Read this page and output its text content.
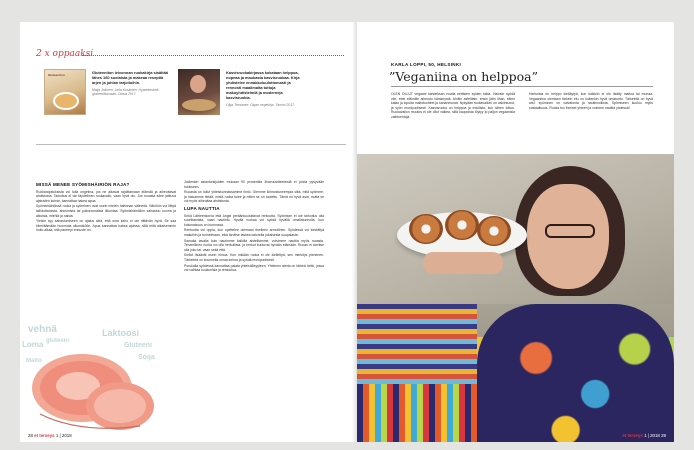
2 x oppaaksi
Gluteeniton	Gluteeniton leivonnan ruokakirja sisältää lähes 160 suolaista ja makeaa reseptiä arjen ja juhlan tarjoiluihin.
Maija Jokinen, Leila Koskinen: Hyperkeskeä gluteenittomaan. Otava 2017.
Kasvisruokakirjassa kokataan helppoa, nopeaa ja maukasta kasvisruokaa. Kirja yhdistelee ennakkoluulottomasti ja rennosti maailmalta tuttuja makuyhdistelmiä ja moderneja kasvisruokia.
Olga Temonen: Olgan vegekirja. Tammi 2017.
MISSÄ MENEE SYÖMISHÄIRIÖN RAJA?

Ruokarajoituksista voi tulla ongelma, jos ne alkavat rajoittamaan elämää ja aiheuttavat ahdistusta. Tarkoitus ei ole täydellinen ruokavalio, vaan hyvä olo. Jos ruoasta tulee jatkuva ajatusten kohde, kannattaa hakea apua.

Syömishäiriöissä ruoka ja syöminen ovat usein mielen hallinnan välineitä. Häiriöön voi liittyä laihduttamista, ahmimista tai pakonomaista liikuntaa. Syömishäiriöihin sairastuu nuoria ja aikuisia, miehiä ja naisia.

Yleisin syy sairastumiseen on ajatus siitä, että oma keho ei ole riittävän hyvä. Se saa kiinnittämään huomiota ulkonäköön. Apua kannattaa hakea ajoissa, sillä mitä aikaisemmin hoito alkaa, sitä parempi ennuste on.

Joidenkin asiantuntijoiden mukaan 90 prosenttia lihavuusdieeteistä ei johda pysyvään tulokseen.

Ruoasta on tullut yhteiskunnassamme ilmiö. Olemme kiinnostuneempia siitä, mitä syömme, ja haluamme tietää, mistä ruoka tulee ja miten se on tuotettu. Tämä on hyvä asia, mutta se voi myös aiheuttaa ahdistusta.

LUPA NAUTTIA

Sekä Lähteenkorva että Angle peräänkuuluttavat rentoutta. Syömisen ei ole tarkoitus olla suorittamista, vaan nautinto. Hyvää ruokaa voi syödä hyvällä omallatunnolla, kun kokonaisuus on kunnossa.

Rentoutta voi oppia, kun opettelee olemaan itselleen armollinen. Syödessä voi keskittyä makuihin ja tunnelmaan, eikä tarvitse laskea kaloreita jokaisesta suupalasta.

Samalla tavalla kuin nautimme kaikilla aisteillamme, voisimme nauttia myös ruoasta. Terveellinen ruoka voi olla herkullista, ja herkut kuuluvat hyvään elämään. Ruoan ei tarvitse olla joko tai, vaan sekä että.

Kiellot lisäävät usein himoa. Kun mikään ruoka ei ole kiellettyä, sen merkitys pienenee. Tärkeintä on kuunnella omaa kehoa ja syödä monipuolisesti.

Porukalla syödessä kannattaa palata yhteisöllisyyteen. Yhteinen ateria on tärkeä hetki, jossa voi vaihtaa kuulumisia ja rentoutua.

vehnä
Loma gluteiini
Laktoosi
Gluteeni
Soija
Maito
28 et terveys 1 | 2018
KARLA LOPPI, 50, HELSINKI
”Veganiina on helppoa”

OLEN OLLUT vegaani kahdeksan vuotta eettisten syiden takia. Halusin syödä niin, ettei eläimille aiheudu kärsimystä. Aloitin asteittain: ensin jätin lihan, sitten kalan ja lopulta maitotuotteet ja kananmunat. Nykyään ruokavalioni on vakiintunut, ja syön monipuolisesti. Kasvisruoka on helppoa ja edullista, kun siihen tottuu. Ruokavalion muutos ei ole ollut vaikea, sillä kaupoista löytyy jo paljon vegaanisia vaihtoehtoja.

Herkuista en helppo kieltäytyä, kun kaikkiin ei ole lisätty maitoa tai munaa. Vegaaniina olemisen tärkein etu on kuitenkin hyvä omatunto. Tärkeintä on hyvä arki: syöminen on vaivatonta ja nautinnollista. Syömiseen kuuluu myös sosiaalisuus. Ruoka tuo ihmiset yhteen ja voimme nauttia yhdessä!

et terveys 1 | 2018 29
